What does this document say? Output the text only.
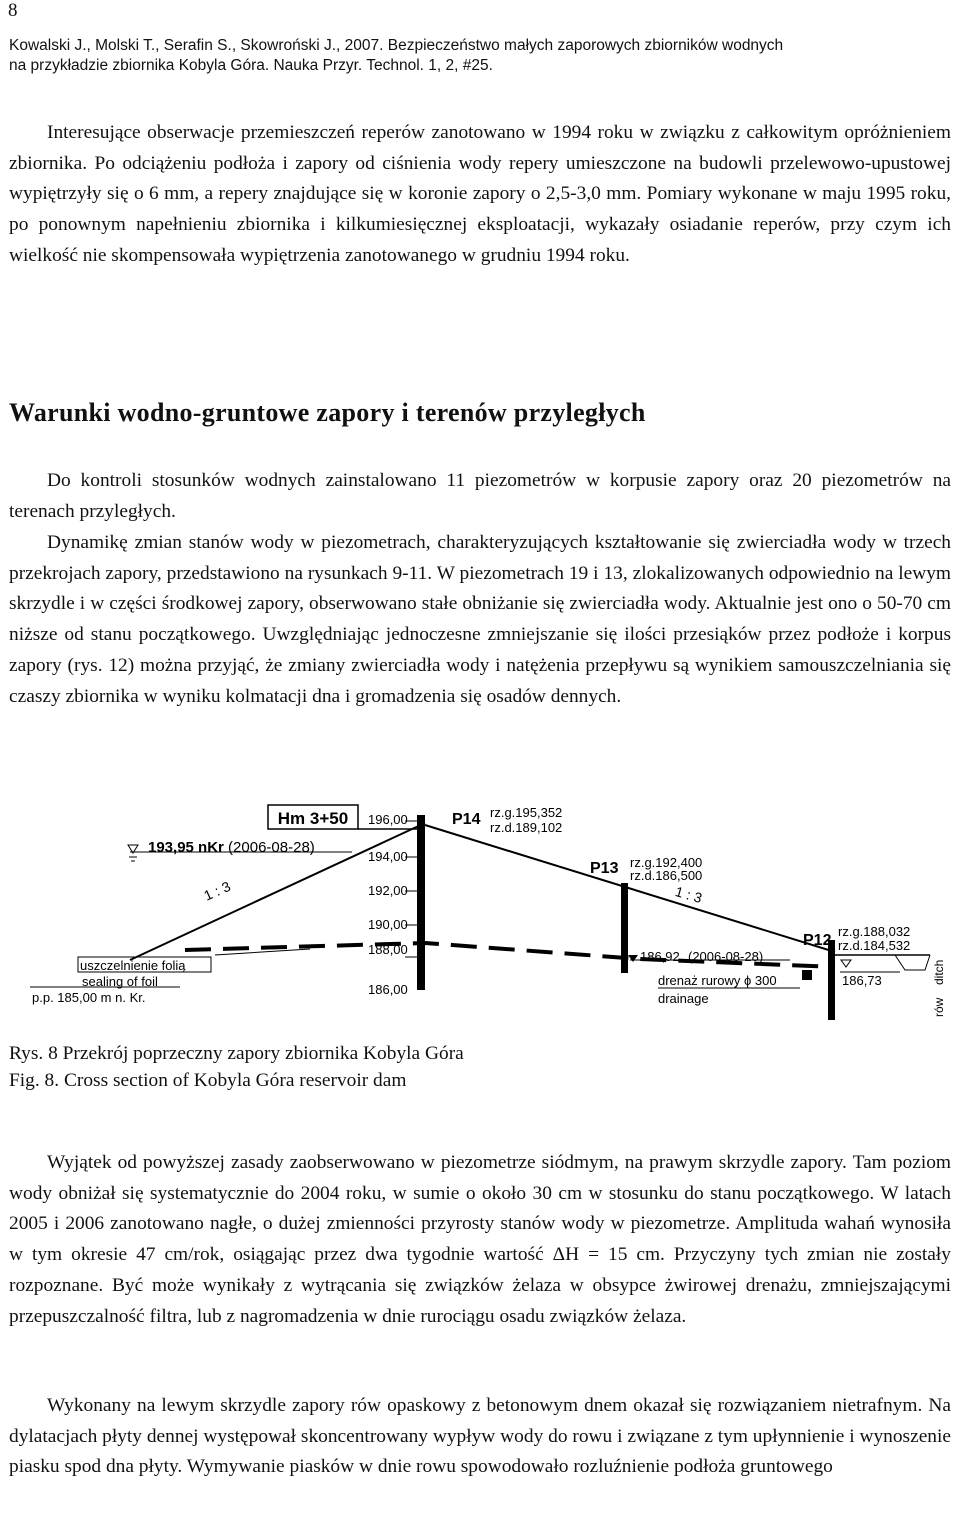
8
Kowalski J., Molski T., Serafin S., Skowroński J., 2007. Bezpieczeństwo małych zaporowych zbiorników wodnych
na przykładzie zbiornika Kobyla Góra. Nauka Przyr. Technol. 1, 2, #25.

Interesujące obserwacje przemieszczeń reperów zanotowano w 1994 roku w związku z całkowitym opróżnieniem zbiornika. Po odciążeniu podłoża i zapory od ciśnienia wody repery umieszczone na budowli przelewowo-upustowej wypiętrzyły się o 6 mm, a repery znajdujące się w koronie zapory o 2,5-3,0 mm. Pomiary wykonane w maju 1995 roku, po ponownym napełnieniu zbiornika i kilkumiesięcznej eksploatacji, wykazały osiadanie reperów, przy czym ich wielkość nie skompensowała wypiętrzenia zanotowanego w grudniu 1994 roku.

Warunki wodno-gruntowe zapory i terenów przyległych

Do kontroli stosunków wodnych zainstalowano 11 piezometrów w korpusie zapory oraz 20 piezometrów na terenach przyległych.

Dynamikę zmian stanów wody w piezometrach, charakteryzujących kształtowanie się zwierciadła wody w trzech przekrojach zapory, przedstawiono na rysunkach 9-11. W piezometrach 19 i 13, zlokalizowanych odpowiednio na lewym skrzydle i w części środkowej zapory, obserwowano stałe obniżanie się zwierciadła wody. Aktualnie jest ono o 50-70 cm niższe od stanu początkowego. Uwzględniając jednoczesne zmniejszanie się ilości przesiąków przez podłoże i korpus zapory (rys. 12) można przyjąć, że zmiany zwierciadła wody i natężenia przepływu są wynikiem samouszczelniania się czaszy zbiornika w wyniku kolmatacji dna i gromadzenia się osadów dennych.

Hm 3+50
193,95 nKr (2006-08-28)
1 : 3
P14 rz.g.195,352
rz.d.189,102
196,00
194,00
192,00
190,00
188,00
186,00
1 : 3
P13 rz.g.192,400
rz.d.186,500
P12
rz.g.188,032
rz.d.184,532
uszczelnienie folią
sealing of foil
p.p. 185,00 m n. Kr.
186,92 (2006-08-28)
drenaż rurowy ϕ 300
drainage
186,73
rów
ditch
Rys. 8 Przekrój poprzeczny zapory zbiornika Kobyla Góra
Fig. 8. Cross section of Kobyla Góra reservoir dam

Wyjątek od powyższej zasady zaobserwowano w piezometrze siódmym, na prawym skrzydle zapory. Tam poziom wody obniżał się systematycznie do 2004 roku, w sumie o około 30 cm w stosunku do stanu początkowego. W latach 2005 i 2006 zanotowano nagłe, o dużej zmienności przyrosty stanów wody w piezometrze. Amplituda wahań wynosiła w tym okresie 47 cm/rok, osiągając przez dwa tygodnie wartość ΔH = 15 cm. Przyczyny tych zmian nie zostały rozpoznane. Być może wynikały z wytrącania się związków żelaza w obsypce żwirowej drenażu, zmniejszającymi przepuszczalność filtra, lub z nagromadzenia w dnie rurociągu osadu związków żelaza.

Wykonany na lewym skrzydle zapory rów opaskowy z betonowym dnem okazał się rozwiązaniem nietrafnym. Na dylatacjach płyty dennej występował skoncentrowany wypływ wody do rowu i związane z tym upłynnienie i wynoszenie piasku spod dna płyty. Wymywanie piasków w dnie rowu spowodowało rozluźnienie podłoża gruntowego
